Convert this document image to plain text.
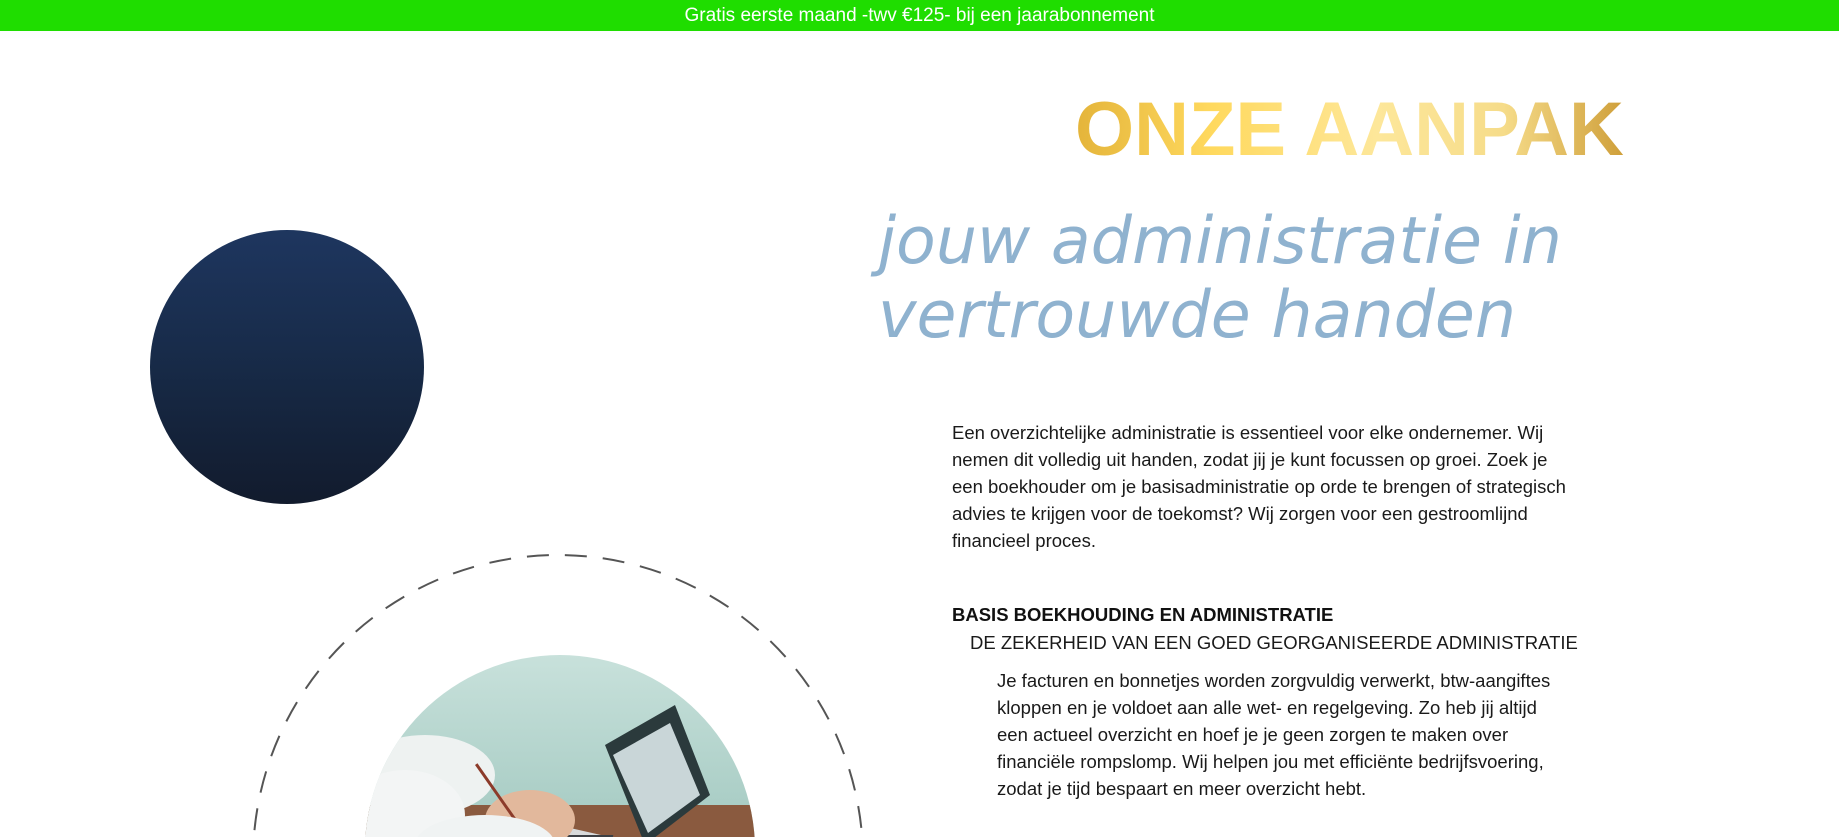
Gratis eerste maand -twv €125- bij een jaarabonnement
ONZE AANPAK
jouw administratie in
vertrouwde handen

Een overzichtelijke administratie is essentieel voor elke ondernemer. Wij nemen dit volledig uit handen, zodat jij je kunt focussen op groei. Zoek je een boekhouder om je basisadministratie op orde te brengen of strategisch advies te krijgen voor de toekomst? Wij zorgen voor een gestroomlijnd financieel proces.

BASIS BOEKHOUDING EN ADMINISTRATIE
DE ZEKERHEID VAN EEN GOED GEORGANISEERDE ADMINISTRATIE

Je facturen en bonnetjes worden zorgvuldig verwerkt, btw-aangiftes kloppen en je voldoet aan alle wet- en regelgeving. Zo heb jij altijd een actueel overzicht en hoef je je geen zorgen te maken over financiële rompslomp. Wij helpen jou met efficiënte bedrijfsvoering, zodat je tijd bespaart en meer overzicht hebt.
